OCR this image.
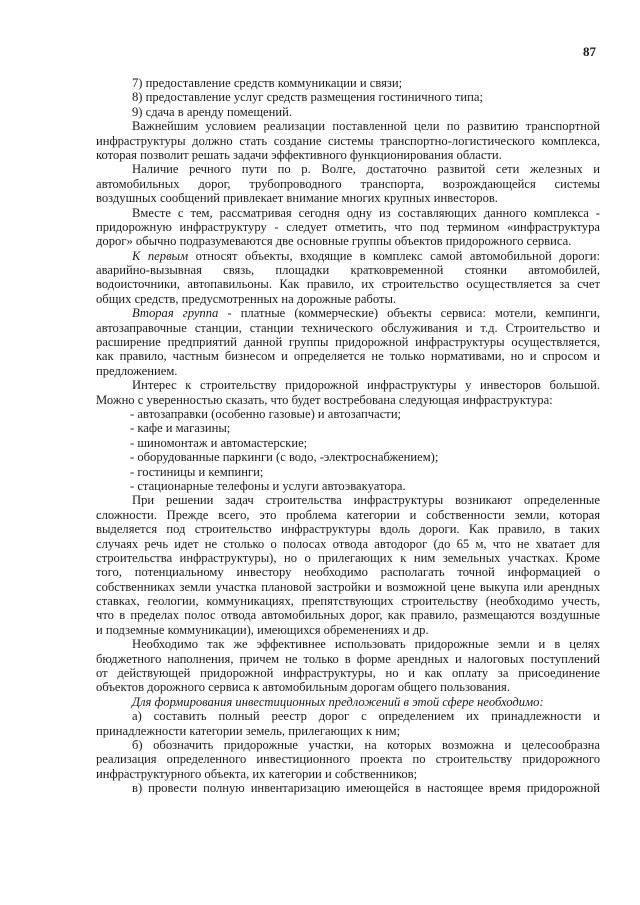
87
7) предоставление средств коммуникации и связи;
8) предоставление услуг средств размещения гостиничного типа;
9) сдача в аренду помещений.
Важнейшим условием реализации поставленной цели по развитию транспортной
инфраструктуры должно стать создание системы транспортно-логистического комплекса,
которая позволит решать задачи эффективного функционирования области.
Наличие речного пути по р. Волге, достаточно развитой сети железных и
автомобильных дорог, трубопроводного транспорта, возрождающейся системы
воздушных сообщений привлекает внимание многих крупных инвесторов.
Вместе с тем, рассматривая сегодня одну из составляющих данного комплекса -
придорожную инфраструктуру - следует отметить, что под термином «инфраструктура
дорог» обычно подразумеваются две основные группы объектов придорожного сервиса.
К первым относят объекты, входящие в комплекс самой автомобильной дороги:
аварийно-вызывная связь, площадки кратковременной стоянки автомобилей,
водоисточники, автопавильоны. Как правило, их строительство осуществляется за счет
общих средств, предусмотренных на дорожные работы.
Вторая группа - платные (коммерческие) объекты сервиса: мотели, кемпинги,
автозаправочные станции, станции технического обслуживания и т.д. Строительство и
расширение предприятий данной группы придорожной инфраструктуры осуществляется,
как правило, частным бизнесом и определяется не только нормативами, но и спросом и
предложением.
Интерес к строительству придорожной инфраструктуры у инвесторов большой.
Можно с уверенностью сказать, что будет востребована следующая инфраструктура:
- автозаправки (особенно газовые) и автозапчасти;
- кафе и магазины;
- шиномонтаж и автомастерские;
- оборудованные паркинги (с водо, -электроснабжением);
- гостиницы и кемпинги;
- стационарные телефоны и услуги автоэвакуатора.
При решении задач строительства инфраструктуры возникают определенные
сложности. Прежде всего, это проблема категории и собственности земли, которая
выделяется под строительство инфраструктуры вдоль дороги. Как правило, в таких
случаях речь идет не столько о полосах отвода автодорог (до 65 м, что не хватает для
строительства инфраструктуры), но о прилегающих к ним земельных участках. Кроме
того, потенциальному инвестору необходимо располагать точной информацией о
собственниках земли участка плановой застройки и возможной цене выкупа или арендных
ставках, геологии, коммуникациях, препятствующих строительству (необходимо учесть,
что в пределах полос отвода автомобильных дорог, как правило, размещаются воздушные
и подземные коммуникации), имеющихся обременениях и др.
Необходимо так же эффективнее использовать придорожные земли и в целях
бюджетного наполнения, причем не только в форме арендных и налоговых поступлений
от действующей придорожной инфраструктуры, но и как оплату за присоединение
объектов дорожного сервиса к автомобильным дорогам общего пользования.
Для формирования инвестиционных предложений в этой сфере необходимо:
а) составить полный реестр дорог с определением их принадлежности и
принадлежности категории земель, прилегающих к ним;
б) обозначить придорожные участки, на которых возможна и целесообразна
реализация определенного инвестиционного проекта по строительству придорожного
инфраструктурного объекта, их категории и собственников;
в) провести полную инвентаризацию имеющейся в настоящее время придорожной
